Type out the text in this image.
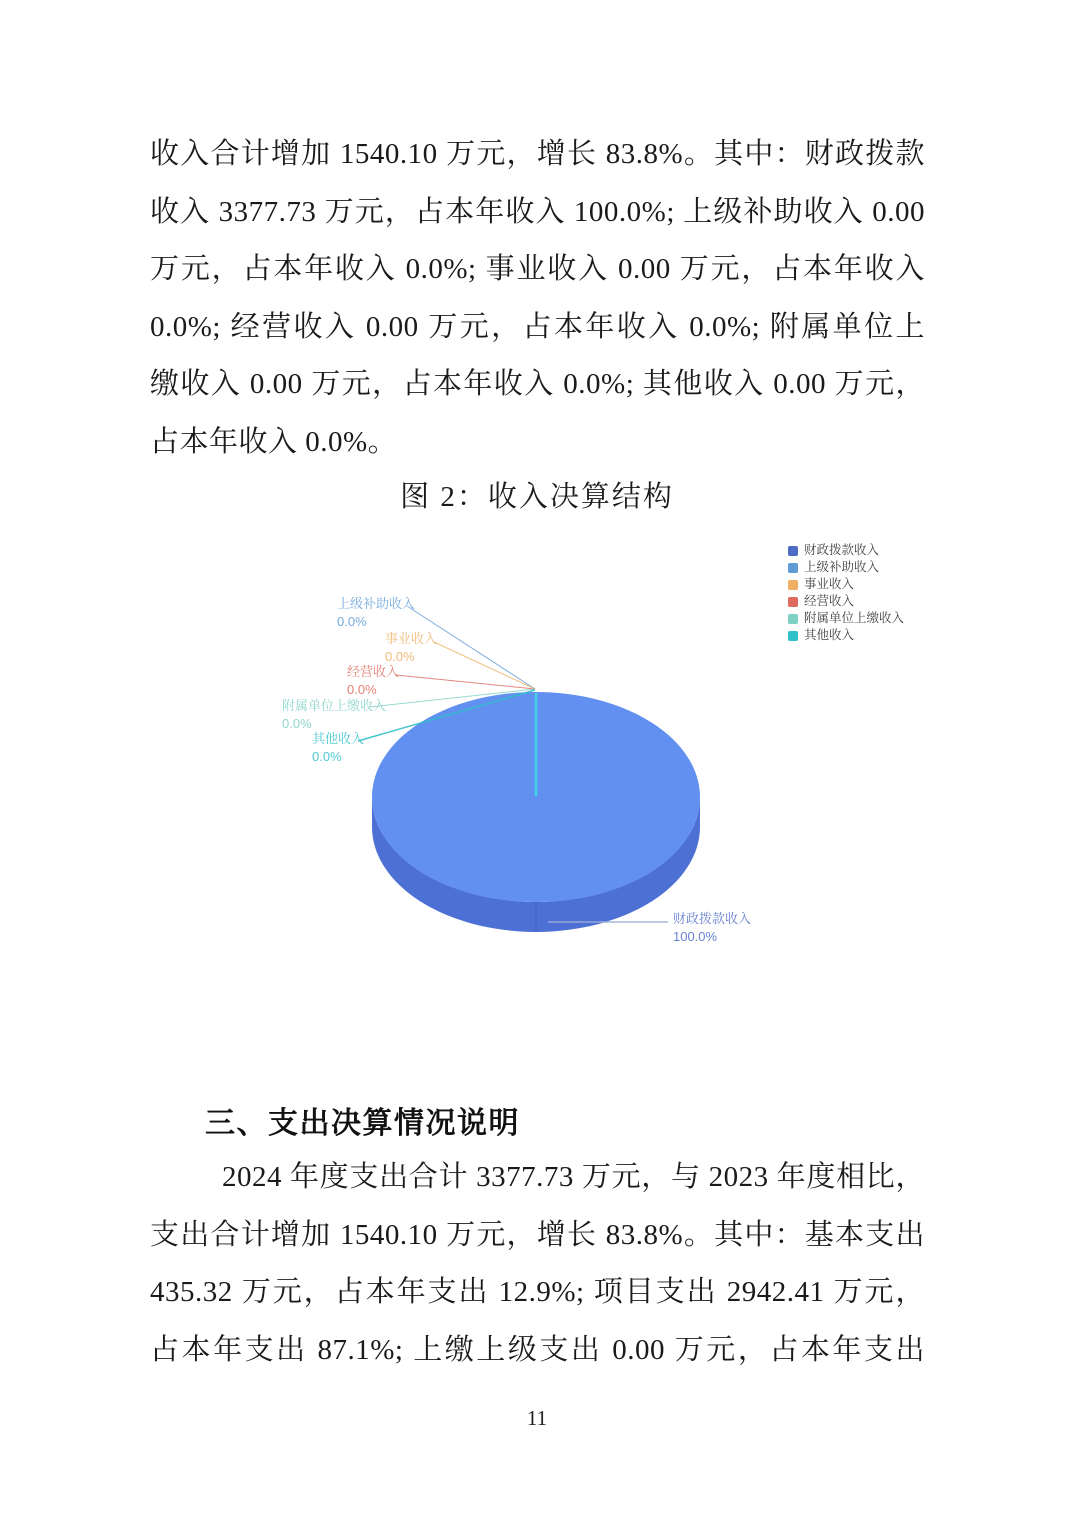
收入合计增加 1540.10 万元，增长 83.8%。其中：财政拨款
收入 3377.73 万元，占本年收入 100.0%; 上级补助收入 0.00
万元，占本年收入 0.0%; 事业收入 0.00 万元，占本年收入
0.0%; 经营收入 0.00 万元，占本年收入 0.0%; 附属单位上
缴收入 0.00 万元，占本年收入 0.0%; 其他收入 0.00 万元，
占本年收入 0.0%。
图 2：收入决算结构
上级补助收入
0.0%
事业收入
0.0%
经营收入
0.0%
附属单位上缴收入
0.0%
其他收入
0.0%
财政拨款收入
100.0%
财政拨款收入
上级补助收入
事业收入
经营收入
附属单位上缴收入
其他收入
三、支出决算情况说明
2024 年度支出合计 3377.73 万元，与 2023 年度相比，
支出合计增加 1540.10 万元，增长 83.8%。其中：基本支出
435.32 万元，占本年支出 12.9%; 项目支出 2942.41 万元，
占本年支出 87.1%; 上缴上级支出 0.00 万元，占本年支出
11
